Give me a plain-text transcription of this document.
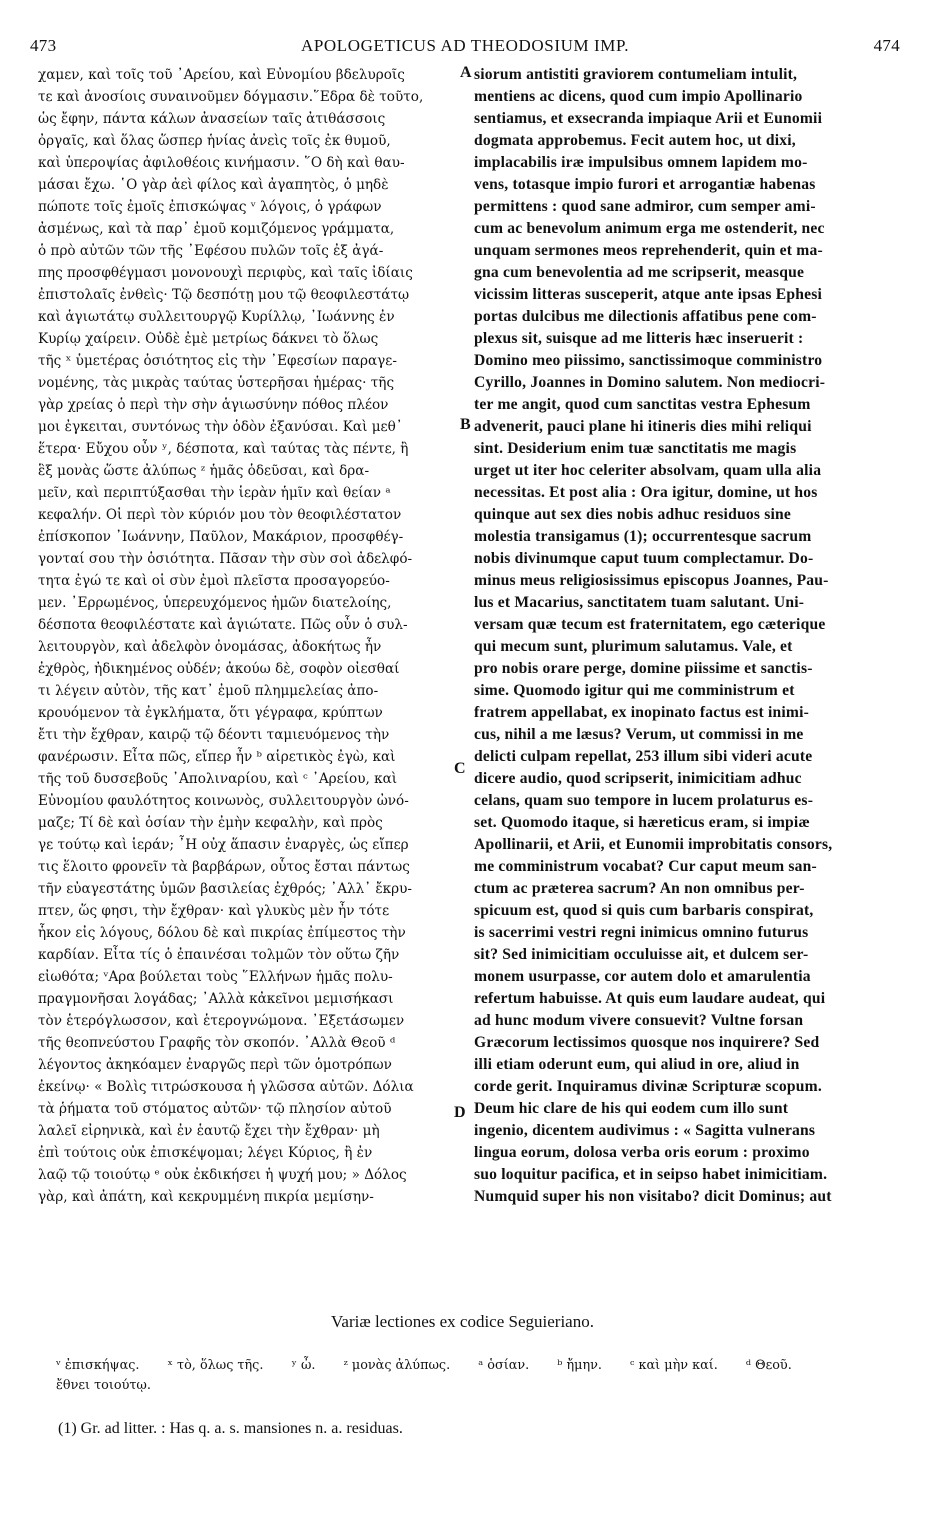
473	APOLOGETICUS AD THEODOSIUM IMP.	474
χαμεν, καὶ τοῖς τοῦ ᾿Αρείου, καὶ Εὐνομίου βδελυροῖς
τε καὶ ἀνοσίοις συναινοῦμεν δόγμασιν.῞Εδρα δὲ τοῦτο,
ὡς ἔφην, πάντα κάλων ἀνασείων ταῖς ἀτιθάσσοις
ὀργαῖς, καὶ ὅλας ὥσπερ ἡνίας ἀνεὶς τοῖς ἐκ θυμοῦ,
καὶ ὑπεροψίας ἀφιλοθέοις κινήμασιν. ῞Ο δὴ καὶ θαυ-
μάσαι ἔχω. ῾Ο γὰρ ἀεὶ φίλος καὶ ἀγαπητὸς, ὁ μηδὲ
πώποτε τοῖς ἐμοῖς ἐπισκώψας ᵛ λόγοις, ὁ γράφων
ἀσμένως, καὶ τὰ παρ᾿ ἐμοῦ κομιζόμενος γράμματα,
ὁ πρὸ αὐτῶν τῶν τῆς ᾿Εφέσου πυλῶν τοῖς ἐξ ἀγά-
πης προσφθέγμασι μονονουχὶ περιφὺς, καὶ ταῖς ἰδίαις
ἐπιστολαῖς ἐνθεὶς· Τῷ δεσπότῃ μου τῷ θεοφιλεστάτῳ
καὶ ἁγιωτάτῳ συλλειτουργῷ Κυρίλλῳ, ᾿Ιωάννης ἐν
Κυρίῳ χαίρειν. Οὐδὲ ἐμὲ μετρίως δάκνει τὸ ὅλως
τῆς ˣ ὑμετέρας ὁσιότητος εἰς τὴν ᾿Εφεσίων παραγε-
νομένης, τὰς μικρὰς ταύτας ὑστερῆσαι ἡμέρας· τῆς
γὰρ χρείας ὁ περὶ τὴν σὴν ἁγιωσύνην πόθος πλέον
μοι ἐγκειται, συντόνως τὴν ὁδὸν ἐξανύσαι. Καὶ μεθ᾿
ἕτερα· Εὔχου οὖν ʸ, δέσποτα, καὶ ταύτας τὰς πέντε, ἢ
ἓξ μονὰς ὥστε ἀλύπως ᶻ ἡμᾶς ὁδεῦσαι, καὶ δρα-
μεῖν, καὶ περιπτύξασθαι τὴν ἱερὰν ἡμῖν καὶ θείαν ᵃ
κεφαλήν. Οἱ περὶ τὸν κύριόν μου τὸν θεοφιλέστατον
ἐπίσκοπον ᾿Ιωάννην, Παῦλον, Μακάριον, προσφθέγ-
γονταί σου τὴν ὁσιότητα. Πᾶσαν τὴν σὺν σοὶ ἀδελφό-
τητα ἐγώ τε καὶ οἱ σὺν ἐμοὶ πλεῖστα προσαγορεύο-
μεν. ᾿Ερρωμένος, ὑπερευχόμενος ἡμῶν διατελοίης,
δέσποτα θεοφιλέστατε καὶ ἁγιώτατε. Πῶς οὖν ὁ συλ-
λειτουργὸν, καὶ ἀδελφὸν ὀνομάσας, ἀδοκήτως ἦν
ἐχθρὸς, ἠδικημένος οὐδέν; ἀκούω δὲ, σοφὸν οἰεσθαί
τι λέγειν αὐτὸν, τῆς κατ᾿ ἐμοῦ πλημμελείας ἀπο-
κρουόμενον τὰ ἐγκλήματα, ὅτι γέγραφα, κρύπτων
ἔτι τὴν ἔχθραν, καιρῷ τῷ δέοντι ταμιευόμενος τὴν
φανέρωσιν. Εἶτα πῶς, εἴπερ ἦν ᵇ αἱρετικὸς ἐγὼ, καὶ
τῆς τοῦ δυσσεβοῦς ᾿Απολιναρίου, καὶ ᶜ ᾿Αρείου, καὶ
Εὐνομίου φαυλότητος κοινωνὸς, συλλειτουργὸν ὠνό-
μαζε; Τί δὲ καὶ ὁσίαν τὴν ἐμὴν κεφαλὴν, καὶ πρὸς
γε τούτῳ καὶ ἱεράν; ῏Η οὐχ ἅπασιν ἐναργὲς, ὡς εἴπερ
τις ἕλοιτο φρονεῖν τὰ βαρβάρων, οὗτος ἔσται πάντως
τῆν εὐαγεστάτης ὑμῶν βασιλείας ἐχθρός; ᾿Αλλ᾿ ἔκρυ-
πτεν, ὥς φησι, τὴν ἔχθραν· καὶ γλυκὺς μὲν ἦν τότε
ἧκον εἰς λόγους, δόλου δὲ καὶ πικρίας ἐπίμεστος τὴν
καρδίαν. Εἶτα τίς ὁ ἐπαινέσαι τολμῶν τὸν οὕτω ζῆν
εἰωθότα; ᵛΑρα βούλεται τοὺς ῞Ελλήνων ἡμᾶς πολυ-
πραγμονῆσαι λογάδας; ᾿Αλλὰ κἀκεῖνοι μεμισήκασι
τὸν ἑτερόγλωσσον, καὶ ἑτερογνώμονα. ᾿Εξετάσωμεν
τῆς θεοπνεύστου Γραφῆς τὸν σκοπόν. ᾿Αλλὰ Θεοῦ ᵈ
λέγοντος ἀκηκόαμεν ἐναργῶς περὶ τῶν ὁμοτρόπων
ἐκείνῳ· « Βολὶς τιτρώσκουσα ἡ γλῶσσα αὐτῶν. Δόλια
τὰ ῥήματα τοῦ στόματος αὐτῶν· τῷ πλησίον αὐτοῦ
λαλεῖ εἰρηνικὰ, καὶ ἐν ἑαυτῷ ἔχει τὴν ἔχθραν· μὴ
ἐπὶ τούτοις οὐκ ἐπισκέψομαι; λέγει Κύριος, ἢ ἐν
λαῷ τῷ τοιούτῳ ᵉ οὐκ ἐκδικήσει ἡ ψυχή μου; » Δόλος
γὰρ, καὶ ἀπάτη, καὶ κεκρυμμένη πικρία μεμίσην-
siorum antistiti graviorem contumeliam intulit,
mentiens ac dicens, quod cum impio Apollinario
sentiamus, et exsecranda impiaque Arii et Eunomii
dogmata approbemus. Fecit autem hoc, ut dixi,
implacabilis iræ impulsibus omnem lapidem mo-
vens, totasque impio furori et arrogantiæ habenas
permittens : quod sane admiror, cum semper ami-
cum ac benevolum animum erga me ostenderit, nec
unquam sermones meos reprehenderit, quin et ma-
gna cum benevolentia ad me scripserit, measque
vicissim litteras susceperit, atque ante ipsas Ephesi
portas dulcibus me dilectionis affatibus pene com-
plexus sit, suisque ad me litteris hæc inseruerit :
Domino meo piissimo, sanctissimoque comministro
Cyrillo, Joannes in Domino salutem. Non mediocri-
ter me angit, quod cum sanctitas vestra Ephesum
advenerit, pauci plane hi itineris dies mihi reliqui
sint. Desiderium enim tuæ sanctitatis me magis
urget ut iter hoc celeriter absolvam, quam ulla alia
necessitas. Et post alia : Ora igitur, domine, ut hos
quinque aut sex dies nobis adhuc residuos sine
molestia transigamus (1); occurrentesque sacrum
nobis divinumque caput tuum complectamur. Do-
minus meus religiosissimus episcopus Joannes, Pau-
lus et Macarius, sanctitatem tuam salutant. Uni-
versam quæ tecum est fraternitatem, ego cæterique
qui mecum sunt, plurimum salutamus. Vale, et
pro nobis orare perge, domine piissime et sanctis-
sime. Quomodo igitur qui me comministrum et
fratrem appellabat, ex inopinato factus est inimi-
cus, nihil a me læsus? Verum, ut commissi in me
delicti culpam repellat, 253 illum sibi videri acute
dicere audio, quod scripserit, inimicitiam adhuc
celans, quam suo tempore in lucem prolaturus es-
set. Quomodo itaque, si hæreticus eram, si impiæ
Apollinarii, et Arii, et Eunomii improbitatis consors,
me comministrum vocabat? Cur caput meum san-
ctum ac præterea sacrum? An non omnibus per-
spicuum est, quod si quis cum barbaris conspirat,
is sacerrimi vestri regni inimicus omnino futurus
sit? Sed inimicitiam occuluisse ait, et dulcem ser-
monem usurpasse, cor autem dolo et amarulentia
refertum habuisse. At quis eum laudare audeat, qui
ad hunc modum vivere consuevit? Vultne forsan
Græcorum lectissimos quosque nos inquirere? Sed
illi etiam oderunt eum, qui aliud in ore, aliud in
corde gerit. Inquiramus divinæ Scripturæ scopum.
Deum hic clare de his qui eodem cum illo sunt
ingenio, dicentem audivimus : « Sagitta vulnerans
lingua eorum, dolosa verba oris eorum : proximo
suo loquitur pacifica, et in seipso habet inimicitiam.
Numquid super his non visitabo? dicit Dominus; aut
A
B
C
D
Variæ lectiones ex codice Seguieriano.
ᵛ ἐπισκήψας. ˣ τὸ, ὅλως τῆς. ʸ ὦ. ᶻ μονὰς ἀλύπως. ᵃ ὁσίαν. ᵇ ἤμην. ᶜ καὶ μὴν καί. ᵈ Θεοῦ.
ἔθνει τοιούτῳ.
(1) Gr. ad litter. : Has q. a. s. mansiones n. a. residuas.
